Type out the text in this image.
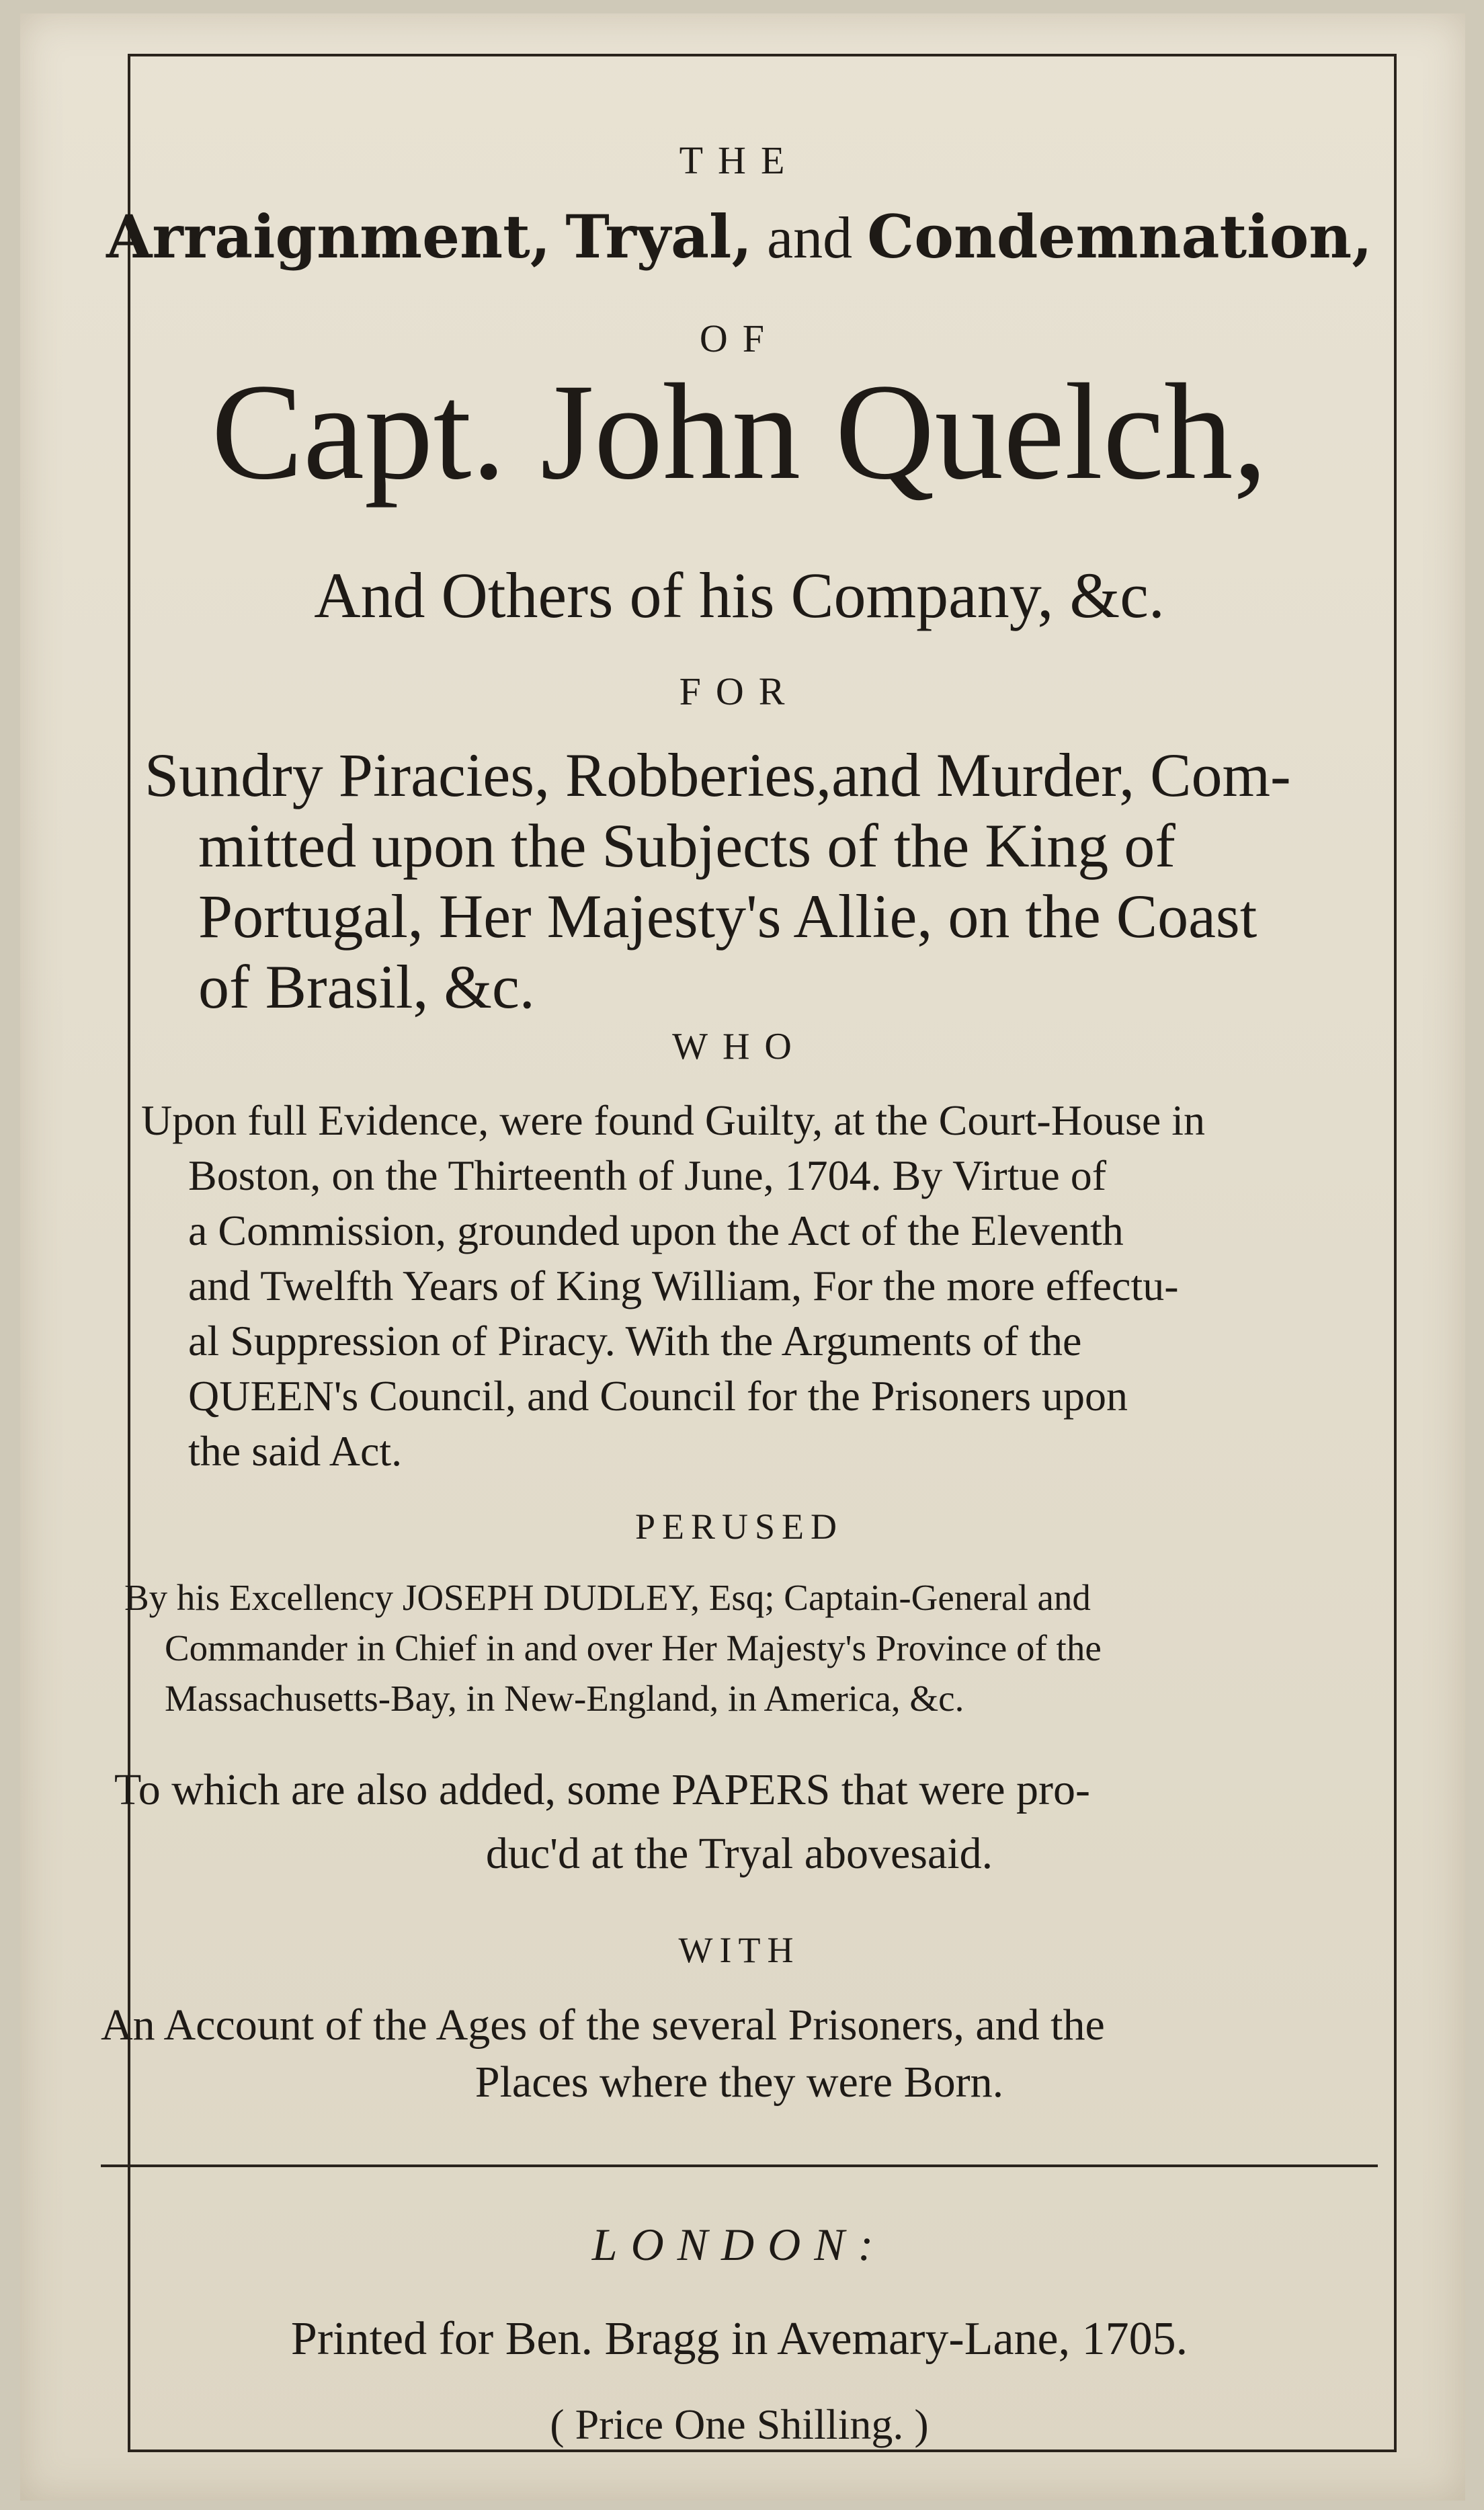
THE
Arraignment, Tryal, and Condemnation,
OF
Capt. John Quelch,
And Others of his Company, &c.
FOR
Sundry Piracies, Robberies,and Murder, Com-
mitted upon the Subjects of the King of
Portugal, Her Majesty's Allie, on the Coast
of Brasil, &c.
WHO
Upon full Evidence, were found Guilty, at the Court-House in
Boston, on the Thirteenth of June, 1704. By Virtue of
a Commission, grounded upon the Act of the Eleventh
and Twelfth Years of King William, For the more effectu-
al Suppression of Piracy. With the Arguments of the
QUEEN's Council, and Council for the Prisoners upon
the said Act.
PERUSED
By his Excellency JOSEPH DUDLEY, Esq; Captain-General and
Commander in Chief in and over Her Majesty's Province of the
Massachusetts-Bay, in New-England, in America, &c.
To which are also added, some PAPERS that were pro-
duc'd at the Tryal abovesaid.
WITH
An Account of the Ages of the several Prisoners, and the
Places where they were Born.
LONDON:
Printed for Ben. Bragg in Avemary-Lane, 1705.
( Price One Shilling. )
